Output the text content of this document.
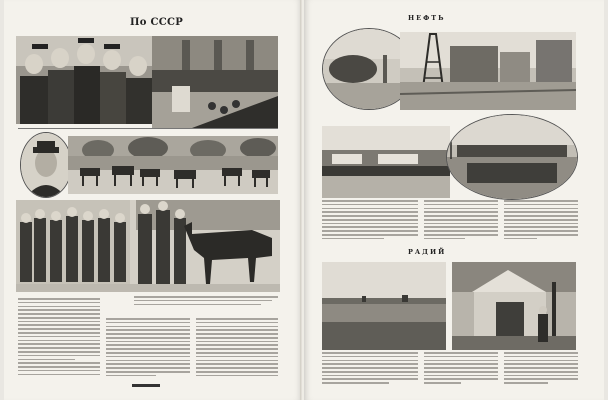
По СССР	НЕФТЬ
РАДИЙ
